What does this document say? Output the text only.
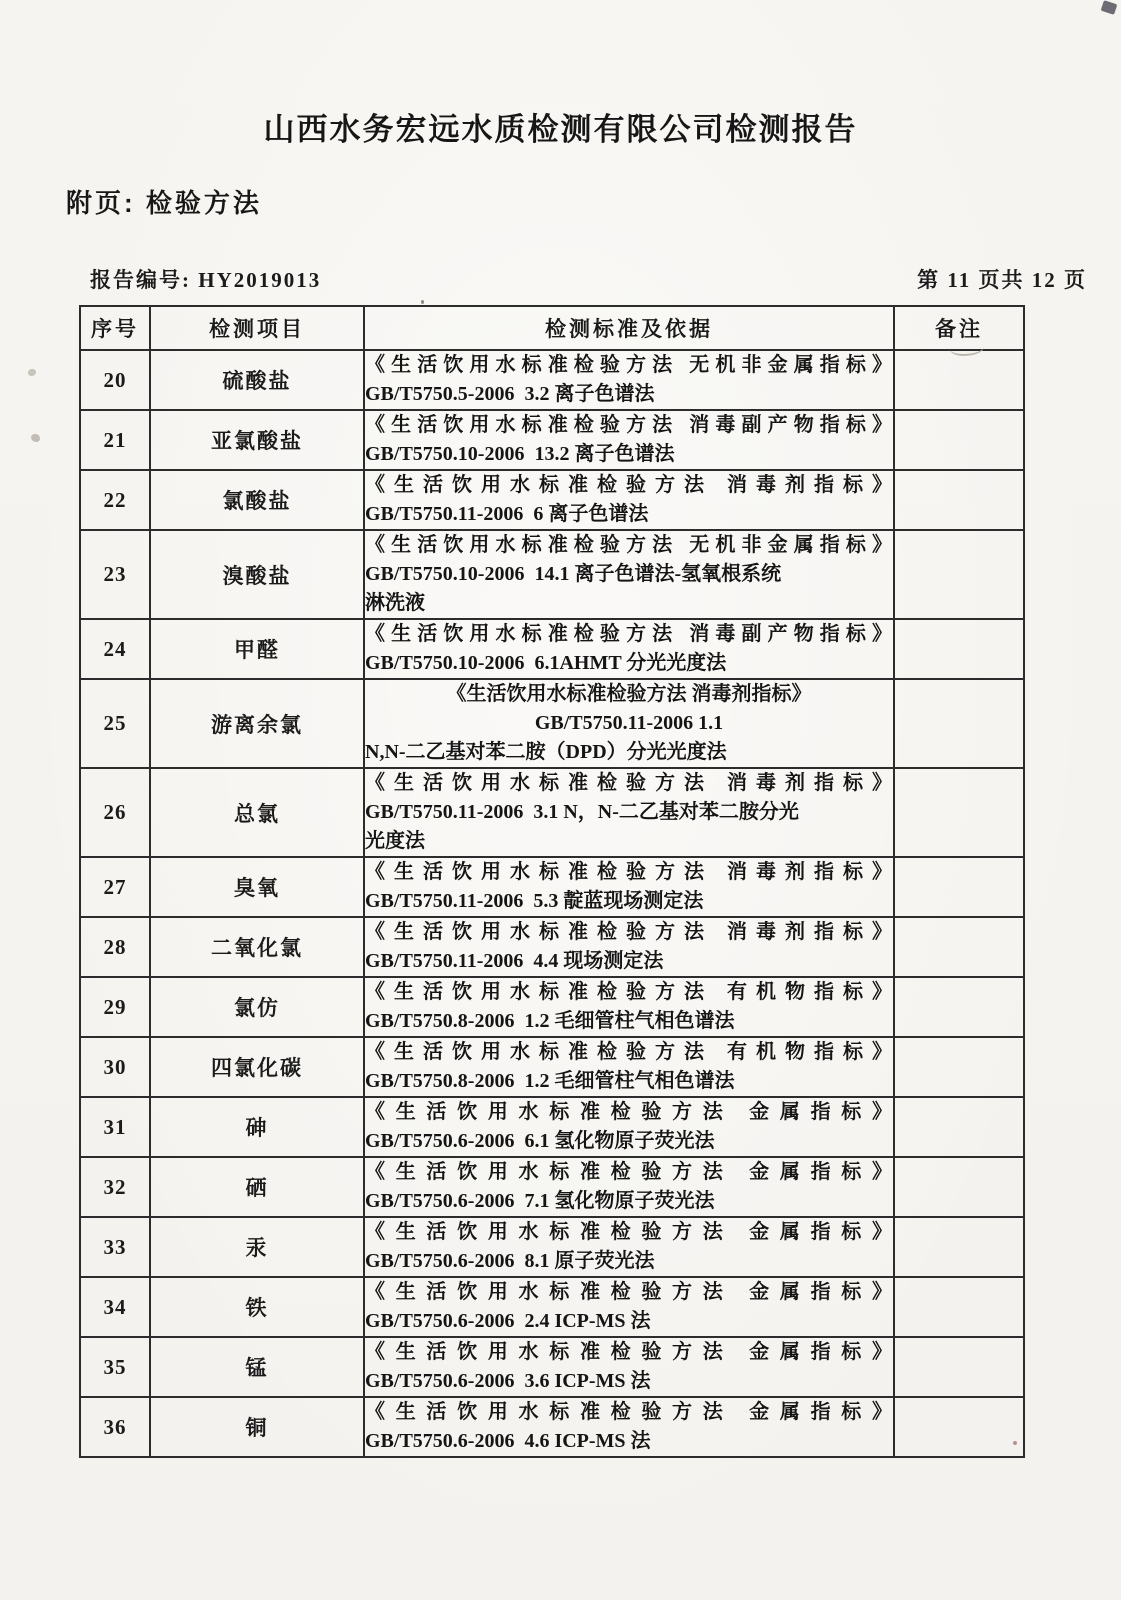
山西水务宏远水质检测有限公司检测报告
附页: 检验方法
报告编号: HY2019013	第 11 页共 12 页
序号	检测项目	检测标准及依据	备注
20	硫酸盐	《生活饮用水标准检验方法 无机非金属指标》
GB/T5750.5-2006  3.2 离子色谱法	

21	亚氯酸盐	《生活饮用水标准检验方法 消毒副产物指标》
GB/T5750.10-2006  13.2 离子色谱法	

22	氯酸盐	《生活饮用水标准检验方法 消毒剂指标》
GB/T5750.11-2006  6 离子色谱法	

23	溴酸盐	《生活饮用水标准检验方法 无机非金属指标》
GB/T5750.10-2006  14.1 离子色谱法-氢氧根系统
淋洗液	

24	甲醛	《生活饮用水标准检验方法 消毒副产物指标》
GB/T5750.10-2006  6.1AHMT 分光光度法	

25	游离余氯	《生活饮用水标准检验方法 消毒剂指标》
GB/T5750.11-2006 1.1
N,N-二乙基对苯二胺（DPD）分光光度法	

26	总氯	《生活饮用水标准检验方法 消毒剂指标》
GB/T5750.11-2006  3.1 N，N-二乙基对苯二胺分光
光度法	

27	臭氧	《生活饮用水标准检验方法 消毒剂指标》
GB/T5750.11-2006  5.3 靛蓝现场测定法	

28	二氧化氯	《生活饮用水标准检验方法 消毒剂指标》
GB/T5750.11-2006  4.4 现场测定法	

29	氯仿	《生活饮用水标准检验方法 有机物指标》
GB/T5750.8-2006  1.2 毛细管柱气相色谱法	

30	四氯化碳	《生活饮用水标准检验方法 有机物指标》
GB/T5750.8-2006  1.2 毛细管柱气相色谱法	

31	砷	《生活饮用水标准检验方法 金属指标》
GB/T5750.6-2006  6.1 氢化物原子荧光法	

32	硒	《生活饮用水标准检验方法 金属指标》
GB/T5750.6-2006  7.1 氢化物原子荧光法	

33	汞	《生活饮用水标准检验方法 金属指标》
GB/T5750.6-2006  8.1 原子荧光法	

34	铁	《生活饮用水标准检验方法 金属指标》
GB/T5750.6-2006  2.4 ICP-MS 法	

35	锰	《生活饮用水标准检验方法 金属指标》
GB/T5750.6-2006  3.6 ICP-MS 法	

36	铜	《生活饮用水标准检验方法 金属指标》
GB/T5750.6-2006  4.6 ICP-MS 法	
